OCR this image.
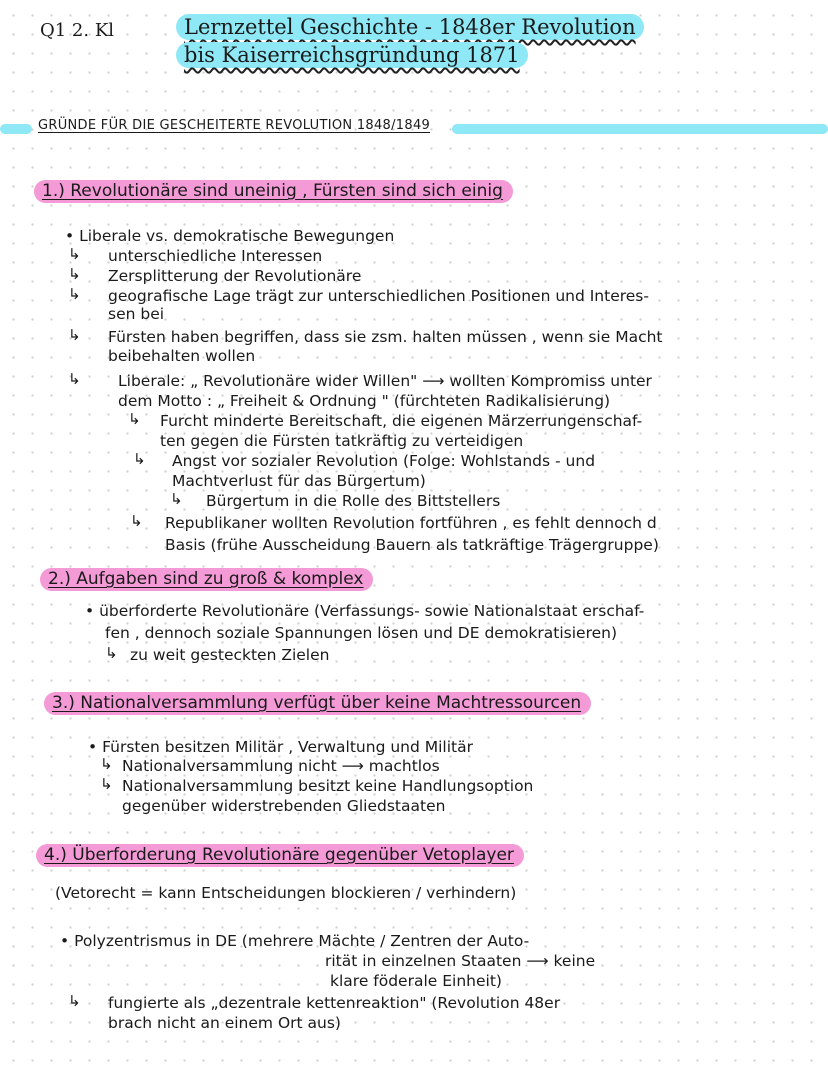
Q1 2. Kl	Lernzettel Geschichte - 1848er Revolution
bis Kaiserreichsgründung 1871
GRÜNDE FÜR DIE GESCHEITERTE REVOLUTION 1848/1849
1.) Revolutionäre sind uneinig , Fürsten sind sich einig
2.) Aufgaben sind zu groß & komplex
3.) Nationalversammlung verfügt über keine Machtressourcen
4.) Überforderung Revolutionäre gegenüber Vetoplayer
• Liberale vs. demokratische Bewegungen
↳ unterschiedliche Interessen
↳ Zersplitterung der Revolutionäre
↳ geografische Lage trägt zur unterschiedlichen Positionen und Interes-
sen bei
↳ Fürsten haben begriffen, dass sie zsm. halten müssen , wenn sie Macht
beibehalten wollen
↳ Liberale: „ Revolutionäre wider Willen" ⟶ wollten Kompromiss unter
dem Motto : „ Freiheit & Ordnung " (fürchteten Radikalisierung)
↳ Furcht minderte Bereitschaft, die eigenen Märzerrungenschaf-
ten gegen die Fürsten tatkräftig zu verteidigen
↳ Angst vor sozialer Revolution (Folge: Wohlstands - und
Machtverlust für das Bürgertum)
↳ Bürgertum in die Rolle des Bittstellers
↳ Republikaner wollten Revolution fortführen , es fehlt dennoch d
Basis (frühe Ausscheidung Bauern als tatkräftige Trägergruppe)
• überforderte Revolutionäre (Verfassungs- sowie Nationalstaat erschaf-
fen , dennoch soziale Spannungen lösen und DE demokratisieren)
↳ zu weit gesteckten Zielen
• Fürsten besitzen Militär , Verwaltung und Militär
↳ Nationalversammlung nicht ⟶ machtlos
↳ Nationalversammlung besitzt keine Handlungsoption
gegenüber widerstrebenden Gliedstaaten
(Vetorecht = kann Entscheidungen blockieren / verhindern)
• Polyzentrismus in DE (mehrere Mächte / Zentren der Auto-
rität in einzelnen Staaten ⟶ keine
klare föderale Einheit)
↳ fungierte als „dezentrale kettenreaktion" (Revolution 48er
brach nicht an einem Ort aus)
